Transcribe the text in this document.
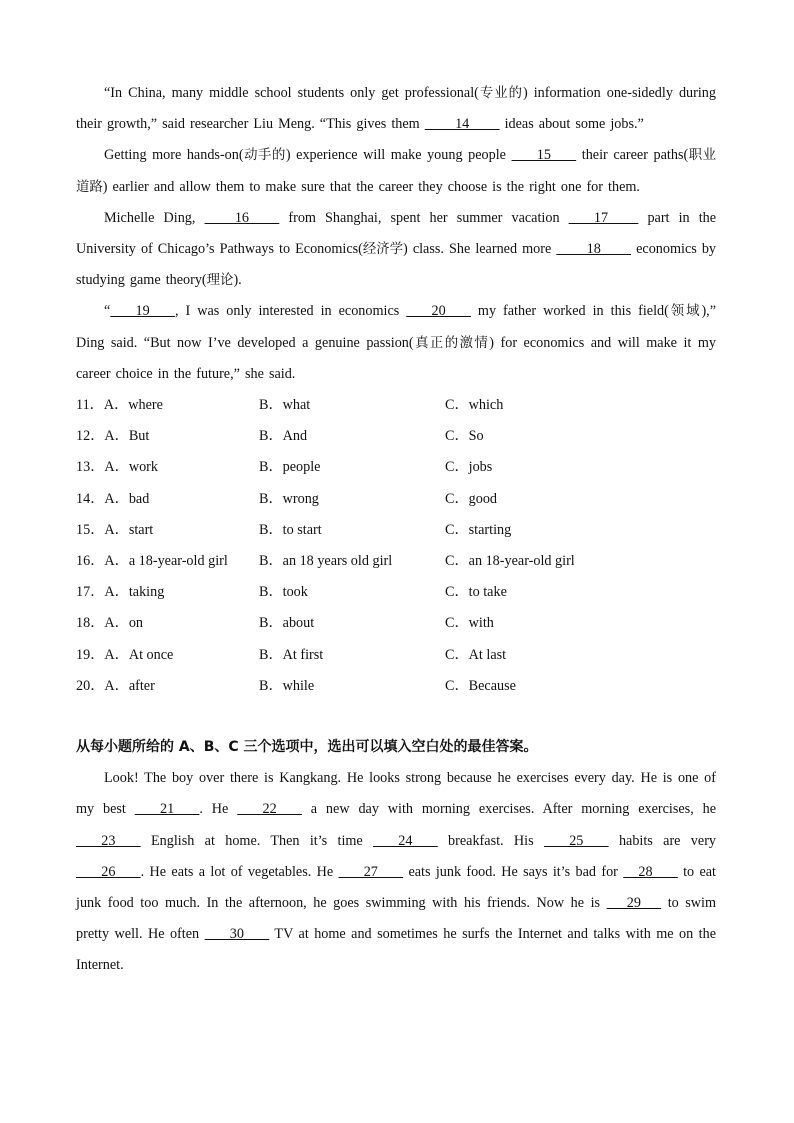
“In China, many middle school students only get professional(专业的) information one-sidedly during their growth,” said researcher Liu Meng. “This gives them       14       ideas about some jobs.”

Getting more hands-on(动手的) experience will make young people      15      their career paths(职业道路) earlier and allow them to make sure that the career they choose is the right one for them.

Michelle Ding,       16       from Shanghai, spent her summer vacation      17       part in the University of Chicago’s Pathways to Economics(经济学) class. She learned more       18       economics by studying game theory(理论).

“     19     , I was only interested in economics      20      my father worked in this field(领域),” Ding said. “But now I’ve developed a genuine passion(真正的激情) for economics and will make it my career choice in the future,” she said.

11．A．where	B．what	C．which
12．A．But	B．And	C．So
13．A．work	B．people	C．jobs
14．A．bad	B．wrong	C．good
15．A．start	B．to start	C．starting
16．A．a 18-year-old girl	B．an 18 years old girl	C．an 18-year-old girl
17．A．taking	B．took	C．to take
18．A．on	B．about	C．with
19．A．At once	B．At first	C．At last
20．A．after	B．while	C．Because

从每小题所给的 A、B、C 三个选项中，选出可以填入空白处的最佳答案。

Look! The boy over there is Kangkang. He looks strong because he exercises every day. He is one of my best      21     . He      22      a new day with morning exercises. After morning exercises, he      23      English at home. Then it’s time      24      breakfast. His      25      habits are very      26     . He eats a lot of vegetables. He      27      eats junk food. He says it’s bad for    28      to eat junk food too much. In the afternoon, he goes swimming with his friends. Now he is     29     to swim pretty well. He often      30      TV at home and sometimes he surfs the Internet and talks with me on the Internet.
